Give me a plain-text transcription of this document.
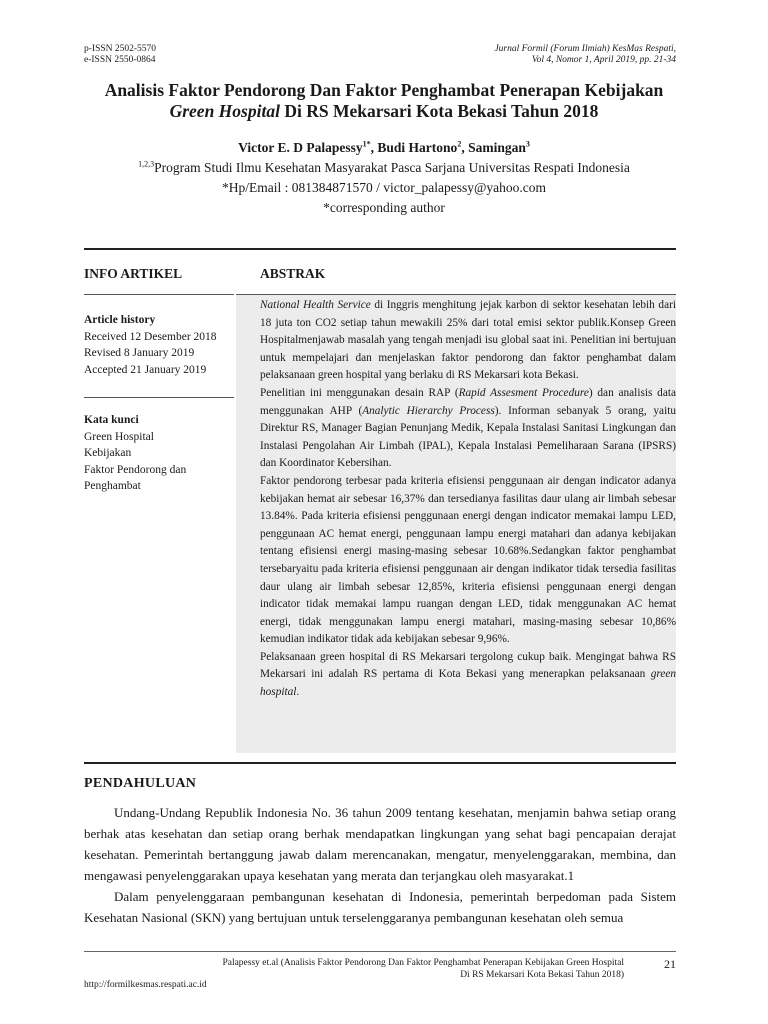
p-ISSN 2502-5570
e-ISSN 2550-0864
Jurnal Formil (Forum Ilmiah) KesMas Respati,
Vol 4, Nomor 1, April 2019, pp. 21-34
Analisis Faktor Pendorong Dan Faktor Penghambat Penerapan Kebijakan
Green Hospital Di RS Mekarsari Kota Bekasi Tahun 2018
Victor E. D Palapessy$^{1*}$, Budi Hartono$^2$, Samingan$^3$
$^{1,2,3}$Program Studi Ilmu Kesehatan Masyarakat Pasca Sarjana Universitas Respati Indonesia
*Hp/Email : 081384871570 / victor_palapessy@yahoo.com
*corresponding author
INFO ARTIKEL	ABSTRAK
Article history
Received 12 Desember 2018
Revised 8 January 2019
Accepted 21 January 2019
Kata kunci
Green Hospital
Kebijakan
Faktor Pendorong dan
Penghambat

National Health Service di Inggris menghitung jejak karbon di sektor kesehatan lebih dari 18 juta ton CO2 setiap tahun mewakili 25% dari total emisi sektor publik.Konsep Green Hospitalmenjawab masalah yang tengah menjadi isu global saat ini. Penelitian ini bertujuan untuk mempelajari dan menjelaskan faktor pendorong dan faktor penghambat dalam pelaksanaan green hospital yang berlaku di RS Mekarsari kota Bekasi.

Penelitian ini menggunakan desain RAP (Rapid Assesment Procedure) dan analisis data menggunakan AHP (Analytic Hierarchy Process). Informan sebanyak 5 orang, yaitu Direktur RS, Manager Bagian Penunjang Medik, Kepala Instalasi Sanitasi Lingkungan dan Instalasi Pengolahan Air Limbah (IPAL), Kepala Instalasi Pemeliharaan Sarana (IPSRS) dan Koordinator Kebersihan.

Faktor pendorong terbesar pada kriteria efisiensi penggunaan air dengan indicator adanya kebijakan hemat air sebesar 16,37% dan tersedianya fasilitas daur ulang air limbah sebesar 13.84%. Pada kriteria efisiensi penggunaan energi dengan indicator memakai lampu LED, penggunaan AC hemat energi, penggunaan lampu energi matahari dan adanya kebijakan tentang efisiensi energi masing-masing sebesar 10.68%.Sedangkan faktor penghambat tersebaryaitu pada kriteria efisiensi penggunaan air dengan indikator tidak tersedia fasilitas daur ulang air limbah sebesar 12,85%, kriteria efisiensi penggunaan energi dengan indicator tidak memakai lampu ruangan dengan LED, tidak menggunakan AC hemat energi, tidak menggunakan lampu energi matahari, masing-masing sebesar 10,86% kemudian indikator tidak ada kebijakan sebesar 9,96%.

Pelaksanaan green hospital di RS Mekarsari tergolong cukup baik. Mengingat bahwa RS Mekarsari ini adalah RS pertama di Kota Bekasi yang menerapkan pelaksanaan green hospital.

PENDAHULUAN

Undang-Undang Republik Indonesia No. 36 tahun 2009 tentang kesehatan, menjamin bahwa setiap orang berhak atas kesehatan dan setiap orang berhak mendapatkan lingkungan yang sehat bagi pencapaian derajat kesehatan. Pemerintah bertanggung jawab dalam merencanakan, mengatur, menyelenggarakan, membina, dan mengawasi penyelenggarakan upaya kesehatan yang merata dan terjangkau oleh masyarakat.1

Dalam penyelenggaraan pembangunan kesehatan di Indonesia, pemerintah berpedoman pada Sistem Kesehatan Nasional (SKN) yang bertujuan untuk terselenggaranya pembangunan kesehatan oleh semua

Palapessy et.al (Analisis Faktor Pendorong Dan Faktor Penghambat Penerapan Kebijakan Green Hospital
Di RS Mekarsari Kota Bekasi Tahun 2018)
21
http://formilkesmas.respati.ac.id
